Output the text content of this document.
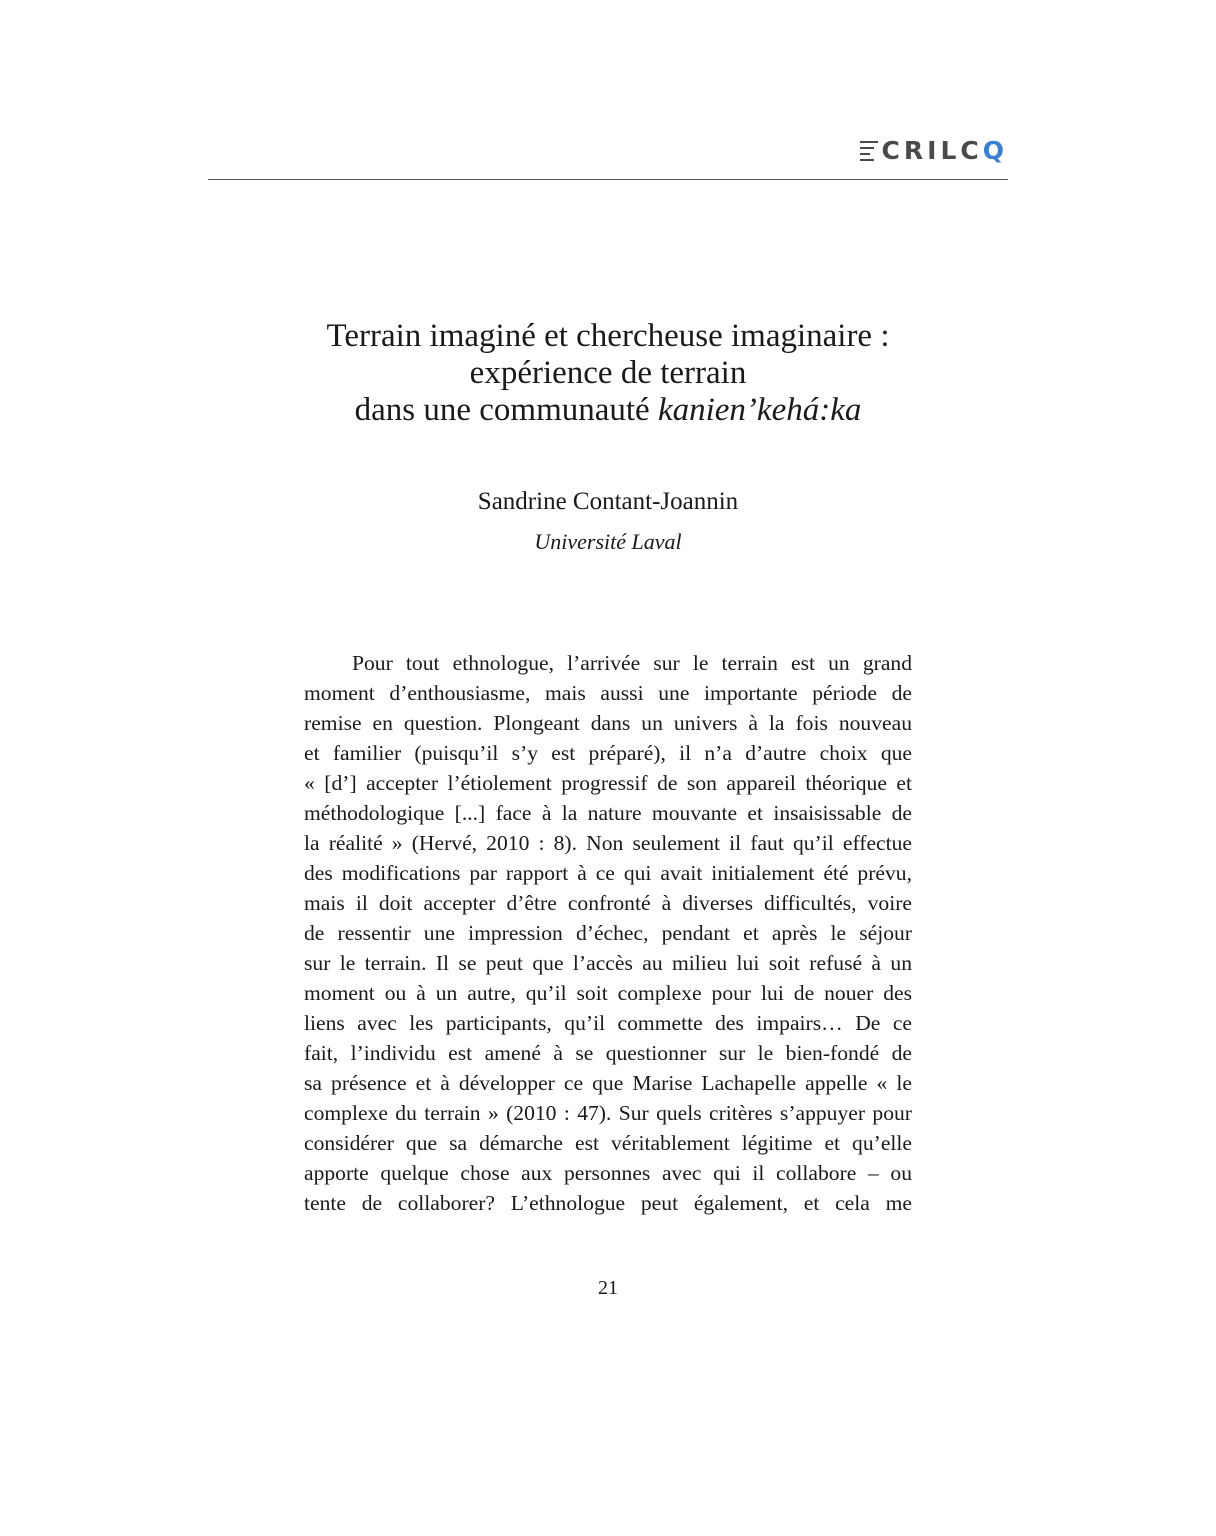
CRILCQ
Terrain imaginé et chercheuse imaginaire :
expérience de terrain
dans une communauté kanien’kehá:ka
Sandrine Contant-Joannin
Université Laval
Pour tout ethnologue, l’arrivée sur le terrain est un grand
moment d’enthousiasme, mais aussi une importante période de
remise en question. Plongeant dans un univers à la fois nouveau
et familier (puisqu’il s’y est préparé), il n’a d’autre choix que
« [d’] accepter l’étiolement progressif de son appareil théorique et
méthodologique [...] face à la nature mouvante et insaisissable de
la réalité » (Hervé, 2010 : 8). Non seulement il faut qu’il effectue
des modifications par rapport à ce qui avait initialement été prévu,
mais il doit accepter d’être confronté à diverses difficultés, voire
de ressentir une impression d’échec, pendant et après le séjour
sur le terrain. Il se peut que l’accès au milieu lui soit refusé à un
moment ou à un autre, qu’il soit complexe pour lui de nouer des
liens avec les participants, qu’il commette des impairs… De ce
fait, l’individu est amené à se questionner sur le bien-fondé de
sa présence et à développer ce que Marise Lachapelle appelle « le
complexe du terrain » (2010 : 47). Sur quels critères s’appuyer pour
considérer que sa démarche est véritablement légitime et qu’elle
apporte quelque chose aux personnes avec qui il collabore – ou
tente de collaborer? L’ethnologue peut également, et cela me
21
